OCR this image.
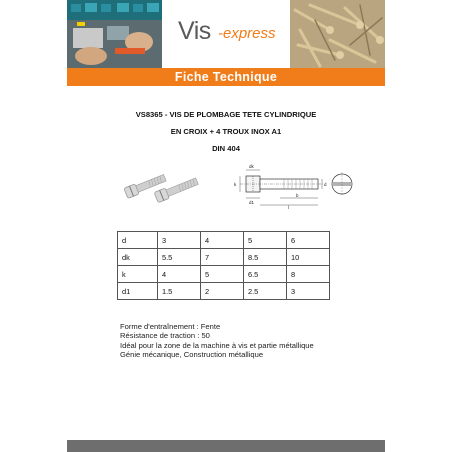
Vis -express
Fiche Technique
VS8365 - VIS DE PLOMBAGE TETE CYLINDRIQUE
EN CROIX + 4 TROUX INOX A1
DIN 404
dk
k
b
l
d
d1
d	3	4	5	6
dk	5.5	7	8.5	10
k	4	5	6.5	8
d1	1.5	2	2.5	3
Forme d'entraînement : Fente
Résistance de traction : 50
Idéal pour la zone de la machine à vis et partie métallique
Génie mécanique, Construction métallique
